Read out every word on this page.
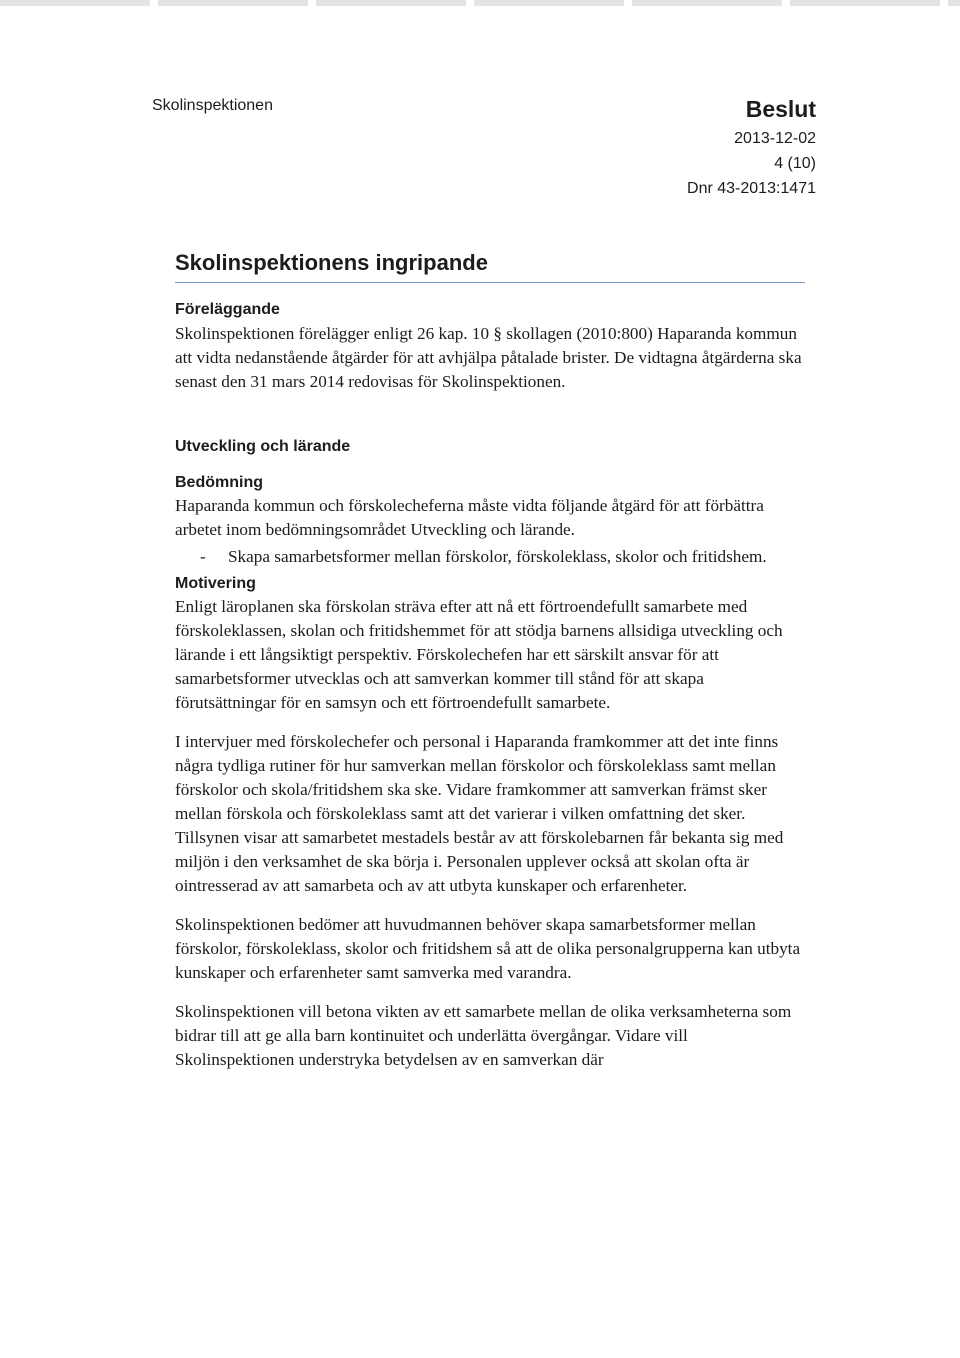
Skolinspektionen	Beslut
2013-12-02
4 (10)
Dnr 43-2013:1471
Skolinspektionens ingripande
Föreläggande

Skolinspektionen förelägger enligt 26 kap. 10 § skollagen (2010:800) Haparanda kommun att vidta nedanstående åtgärder för att avhjälpa påtalade brister. De vidtagna åtgärderna ska senast den 31 mars 2014 redovisas för Skolinspektionen.

Utveckling och lärande
Bedömning

Haparanda kommun och förskolecheferna måste vidta följande åtgärd för att förbättra arbetet inom bedömningsområdet Utveckling och lärande.

-	Skapa samarbetsformer mellan förskolor, förskoleklass, skolor och fritidshem.
Motivering

Enligt läroplanen ska förskolan sträva efter att nå ett förtroendefullt samarbete med förskoleklassen, skolan och fritidshemmet för att stödja barnens allsidiga utveckling och lärande i ett långsiktigt perspektiv. Förskolechefen har ett särskilt ansvar för att samarbetsformer utvecklas och att samverkan kommer till stånd för att skapa förutsättningar för en samsyn och ett förtroendefullt samarbete.

I intervjuer med förskolechefer och personal i Haparanda framkommer att det inte finns några tydliga rutiner för hur samverkan mellan förskolor och förskoleklass samt mellan förskolor och skola/fritidshem ska ske. Vidare framkommer att samverkan främst sker mellan förskola och förskoleklass samt att det varierar i vilken omfattning det sker. Tillsynen visar att samarbetet mestadels består av att förskolebarnen får bekanta sig med miljön i den verksamhet de ska börja i. Personalen upplever också att skolan ofta är ointresserad av att samarbeta och av att utbyta kunskaper och erfarenheter.

Skolinspektionen bedömer att huvudmannen behöver skapa samarbetsformer mellan förskolor, förskoleklass, skolor och fritidshem så att de olika personalgrupperna kan utbyta kunskaper och erfarenheter samt samverka med varandra.

Skolinspektionen vill betona vikten av ett samarbete mellan de olika verksamheterna som bidrar till att ge alla barn kontinuitet och underlätta övergångar. Vidare vill Skolinspektionen understryka betydelsen av en samverkan där
